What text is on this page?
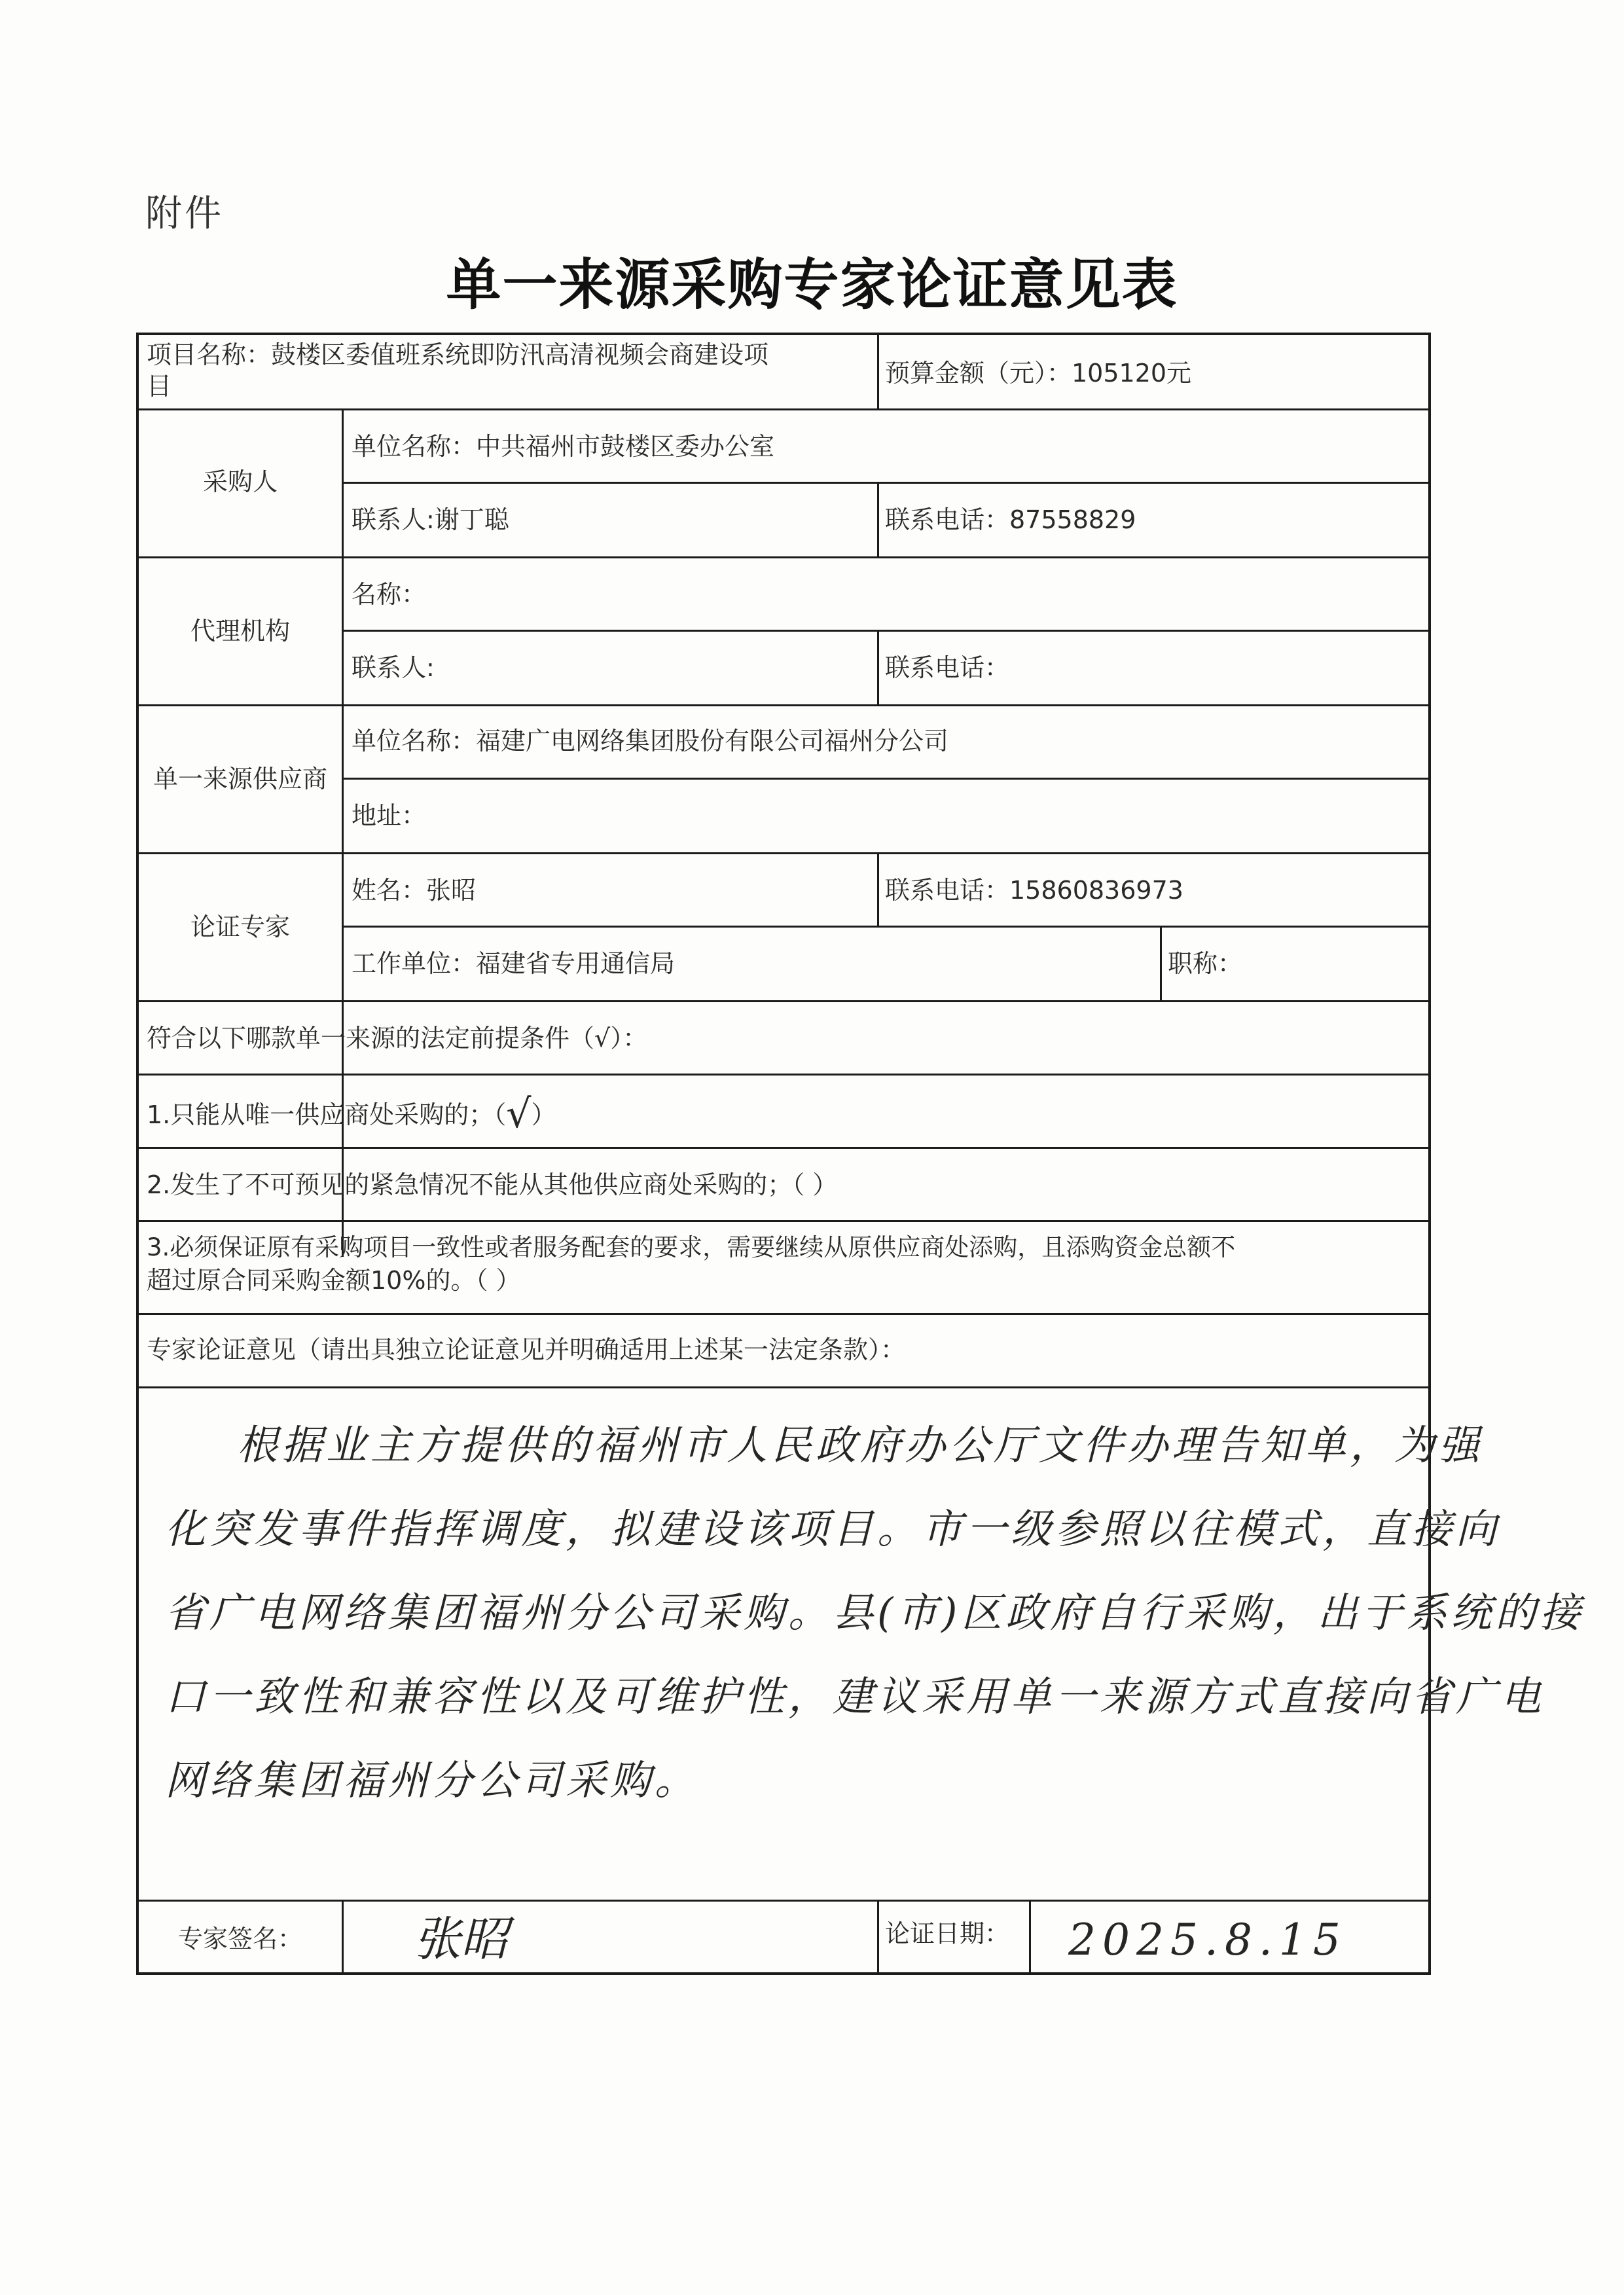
附件
单一来源采购专家论证意见表
项目名称：鼓楼区委值班系统即防汛高清视频会商建设项
目	预算金额（元）：105120元
采购人
单位名称：中共福州市鼓楼区委办公室
联系人:谢丁聪	联系电话：87558829
代理机构
名称：
联系人:	联系电话：
单一来源供应商
单位名称：福建广电网络集团股份有限公司福州分公司
地址：
论证专家
姓名：张昭	联系电话：15860836973
工作单位：福建省专用通信局	职称：
符合以下哪款单一来源的法定前提条件（√）：
1.只能从唯一供应商处采购的；（√）
2.发生了不可预见的紧急情况不能从其他供应商处采购的；（ ）
3.必须保证原有采购项目一致性或者服务配套的要求，需要继续从原供应商处添购，且添购资金总额不
超过原合同采购金额10%的。（ ）
专家论证意见（请出具独立论证意见并明确适用上述某一法定条款）：
根据业主方提供的福州市人民政府办公厅文件办理告知单，为强
化突发事件指挥调度，拟建设该项目。市一级参照以往模式，直接向
省广电网络集团福州分公司采购。县(市)区政府自行采购，出于系统的接
口一致性和兼容性以及可维护性，建议采用单一来源方式直接向省广电
网络集团福州分公司采购。
专家签名：	张昭	论证日期： 2025.8.15
